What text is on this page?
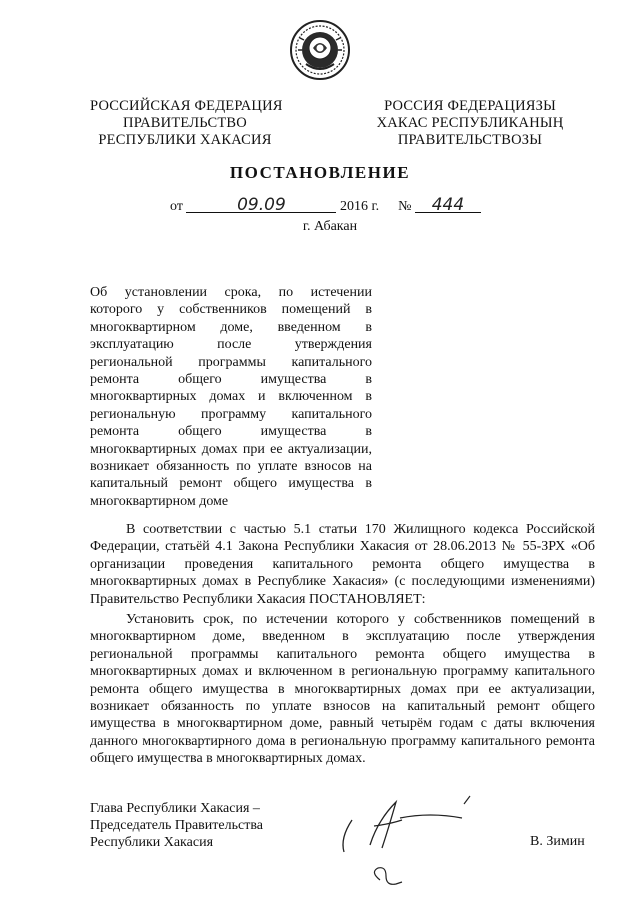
РОССИЙСКАЯ ФЕДЕРАЦИЯ
ПРАВИТЕЛЬСТВО
РЕСПУБЛИКИ ХАКАСИЯ
РОССИЯ ФЕДЕРАЦИЯЗЫ
ХАКАС РЕСПУБЛИКАНЫҢ
ПРАВИТЕЛЬСТВОЗЫ
ПОСТАНОВЛЕНИЕ
от	09.09	2016 г. № 444
г. Абакан
Об установлении срока, по истечении
которого у собственников помещений в
многоквартирном доме, введенном в
эксплуатацию после утверждения
региональной программы капитального
ремонта общего имущества в
многоквартирных домах и включенном в
региональную программу капитального
ремонта общего имущества в
многоквартирных домах при ее актуализации,
возникает обязанность по уплате взносов на
капитальный ремонт общего имущества в
многоквартирном доме
В соответствии с частью 5.1 статьи 170 Жилищного кодекса Российской Федерации, статьёй 4.1 Закона Республики Хакасия от 28.06.2013 № 55-ЗРХ «Об организации проведения капитального ремонта общего имущества в многоквартирных домах в Республике Хакасия» (с последующими изменениями) Правительство Республики Хакасия ПОСТАНОВЛЯЕТ:
Установить срок, по истечении которого у собственников помещений в многоквартирном доме, введенном в эксплуатацию после утверждения региональной программы капитального ремонта общего имущества в многоквартирных домах и включенном в региональную программу капитального ремонта общего имущества в многоквартирных домах при ее актуализации, возникает обязанность по уплате взносов на капитальный ремонт общего имущества в многоквартирном доме, равный четырём годам с даты включения данного многоквартирного дома в региональную программу капитального ремонта общего имущества в многоквартирных домах.
Глава Республики Хакасия –
Председатель Правительства
Республики Хакасия	В. Зимин
